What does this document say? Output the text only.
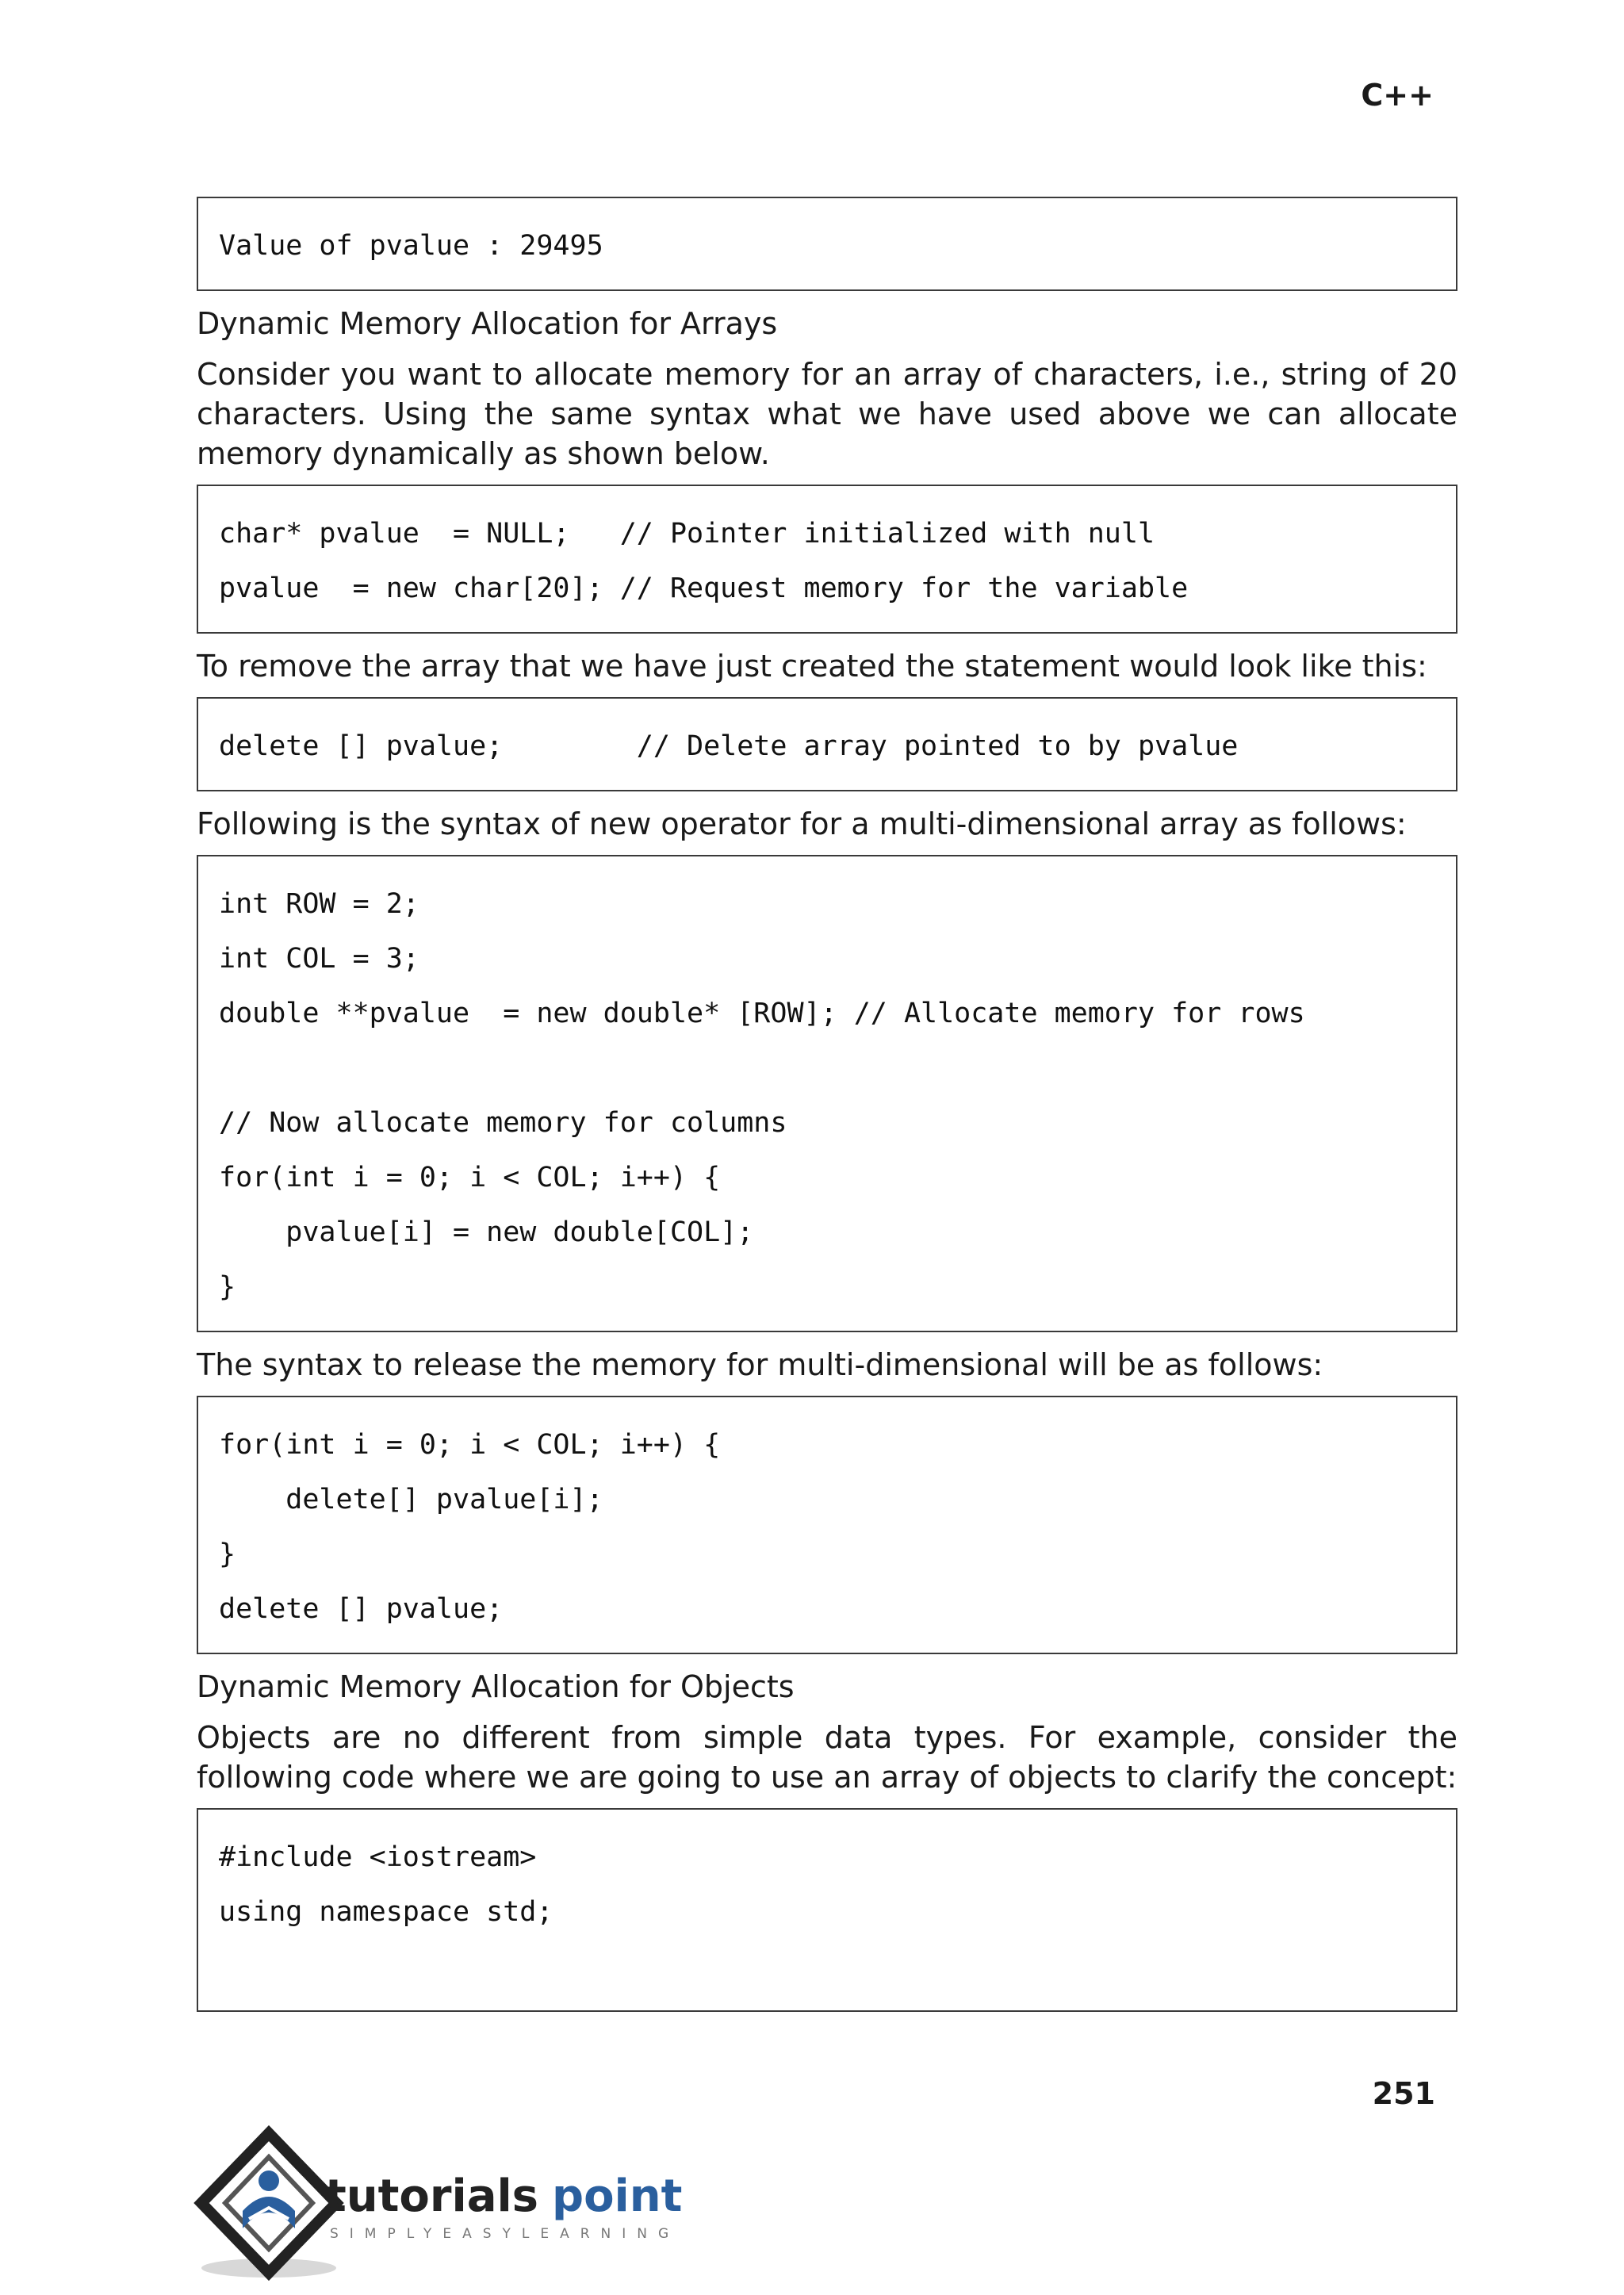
C++
Value of pvalue : 29495

Dynamic Memory Allocation for Arrays

Consider you want to allocate memory for an array of characters, i.e., string of 20 characters. Using the same syntax what we have used above we can allocate memory dynamically as shown below.

char* pvalue  = NULL;   // Pointer initialized with null
pvalue  = new char[20]; // Request memory for the variable

To remove the array that we have just created the statement would look like this:

delete [] pvalue;        // Delete array pointed to by pvalue

Following is the syntax of new operator for a multi-dimensional array as follows:

int ROW = 2;
int COL = 3;
double **pvalue  = new double* [ROW]; // Allocate memory for rows
// Now allocate memory for columns
for(int i = 0; i < COL; i++) {
pvalue[i] = new double[COL];
}

The syntax to release the memory for multi-dimensional will be as follows:

for(int i = 0; i < COL; i++) {
delete[] pvalue[i];
}
delete [] pvalue;

Dynamic Memory Allocation for Objects

Objects are no different from simple data types. For example, consider the following code where we are going to use an array of objects to clarify the concept:

#include <iostream>
using namespace std;
251
tutorials point
SIMPLYEASYLEARNING
